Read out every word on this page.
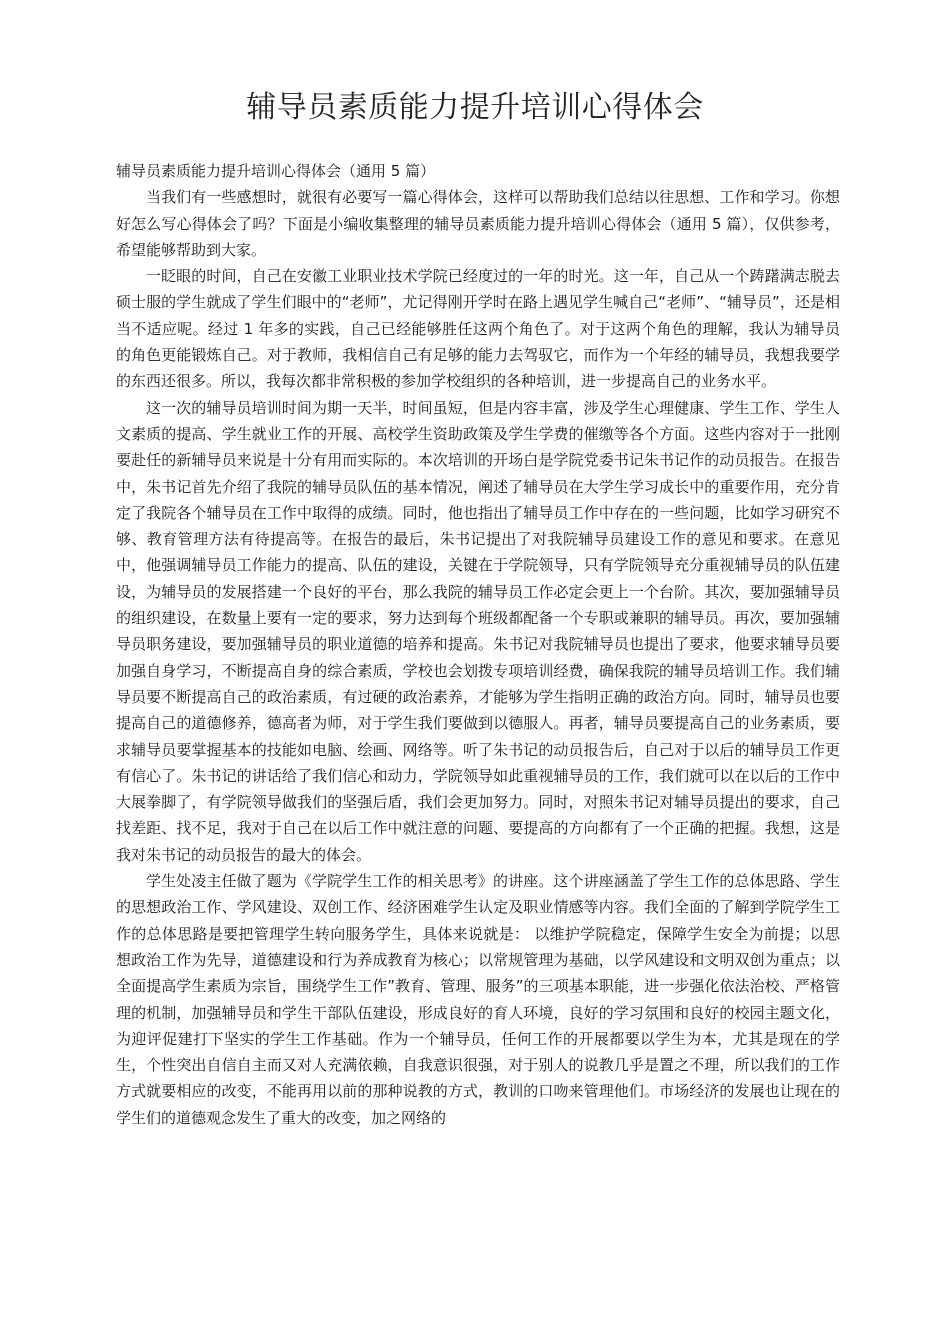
辅导员素质能力提升培训心得体会

辅导员素质能力提升培训心得体会（通用 5 篇）

当我们有一些感想时，就很有必要写一篇心得体会，这样可以帮助我们总结以往思想、工作和学习。你想好怎么写心得体会了吗？下面是小编收集整理的辅导员素质能力提升培训心得体会（通用 5 篇），仅供参考，希望能够帮助到大家。

一眨眼的时间，自己在安徽工业职业技术学院已经度过的一年的时光。这一年，自己从一个踌躇满志脱去硕士服的学生就成了学生们眼中的“老师”，尤记得刚开学时在路上遇见学生喊自己“老师”、“辅导员”，还是相当不适应呢。经过 1 年多的实践，自己已经能够胜任这两个角色了。对于这两个角色的理解，我认为辅导员的角色更能锻炼自己。对于教师，我相信自己有足够的能力去驾驭它，而作为一个年经的辅导员，我想我要学的东西还很多。所以，我每次都非常积极的参加学校组织的各种培训，进一步提高自己的业务水平。

这一次的辅导员培训时间为期一天半，时间虽短，但是内容丰富，涉及学生心理健康、学生工作、学生人文素质的提高、学生就业工作的开展、高校学生资助政策及学生学费的催缴等各个方面。这些内容对于一批刚要赴任的新辅导员来说是十分有用而实际的。本次培训的开场白是学院党委书记朱书记作的动员报告。在报告中，朱书记首先介绍了我院的辅导员队伍的基本情况，阐述了辅导员在大学生学习成长中的重要作用，充分肯定了我院各个辅导员在工作中取得的成绩。同时，他也指出了辅导员工作中存在的一些问题，比如学习研究不够、教育管理方法有待提高等。在报告的最后，朱书记提出了对我院辅导员建设工作的意见和要求。在意见中，他强调辅导员工作能力的提高、队伍的建设，关键在于学院领导，只有学院领导充分重视辅导员的队伍建设，为辅导员的发展搭建一个良好的平台，那么我院的辅导员工作必定会更上一个台阶。其次，要加强辅导员的组织建设，在数量上要有一定的要求，努力达到每个班级都配备一个专职或兼职的辅导员。再次，要加强辅导员职务建设，要加强辅导员的职业道德的培养和提高。朱书记对我院辅导员也提出了要求，他要求辅导员要加强自身学习，不断提高自身的综合素质，学校也会划拨专项培训经费，确保我院的辅导员培训工作。我们辅导员要不断提高自己的政治素质，有过硬的政治素养，才能够为学生指明正确的政治方向。同时，辅导员也要提高自己的道德修养，德高者为师，对于学生我们要做到以德服人。再者，辅导员要提高自己的业务素质，要求辅导员要掌握基本的技能如电脑、绘画、网络等。听了朱书记的动员报告后，自己对于以后的辅导员工作更有信心了。朱书记的讲话给了我们信心和动力，学院领导如此重视辅导员的工作，我们就可以在以后的工作中大展拳脚了，有学院领导做我们的坚强后盾，我们会更加努力。同时，对照朱书记对辅导员提出的要求，自己找差距、找不足，我对于自己在以后工作中就注意的问题、要提高的方向都有了一个正确的把握。我想，这是我对朱书记的动员报告的最大的体会。

学生处凌主任做了题为《学院学生工作的相关思考》的讲座。这个讲座涵盖了学生工作的总体思路、学生的思想政治工作、学风建设、双创工作、经济困难学生认定及职业情感等内容。我们全面的了解到学院学生工作的总体思路是要把管理学生转向服务学生，具体来说就是： 以维护学院稳定，保障学生安全为前提；以思想政治工作为先导，道德建设和行为养成教育为核心；以常规管理为基础，以学风建设和文明双创为重点；以全面提高学生素质为宗旨，围绕学生工作”教育、管理、服务”的三项基本职能，进一步强化依法治校、严格管理的机制，加强辅导员和学生干部队伍建设，形成良好的育人环境，良好的学习氛围和良好的校园主题文化，为迎评促建打下坚实的学生工作基础。作为一个辅导员，任何工作的开展都要以学生为本，尤其是现在的学生，个性突出自信自主而又对人充满依赖，自我意识很强，对于别人的说教几乎是置之不理，所以我们的工作方式就要相应的改变，不能再用以前的那种说教的方式，教训的口吻来管理他们。市场经济的发展也让现在的学生们的道德观念发生了重大的改变，加之网络的
